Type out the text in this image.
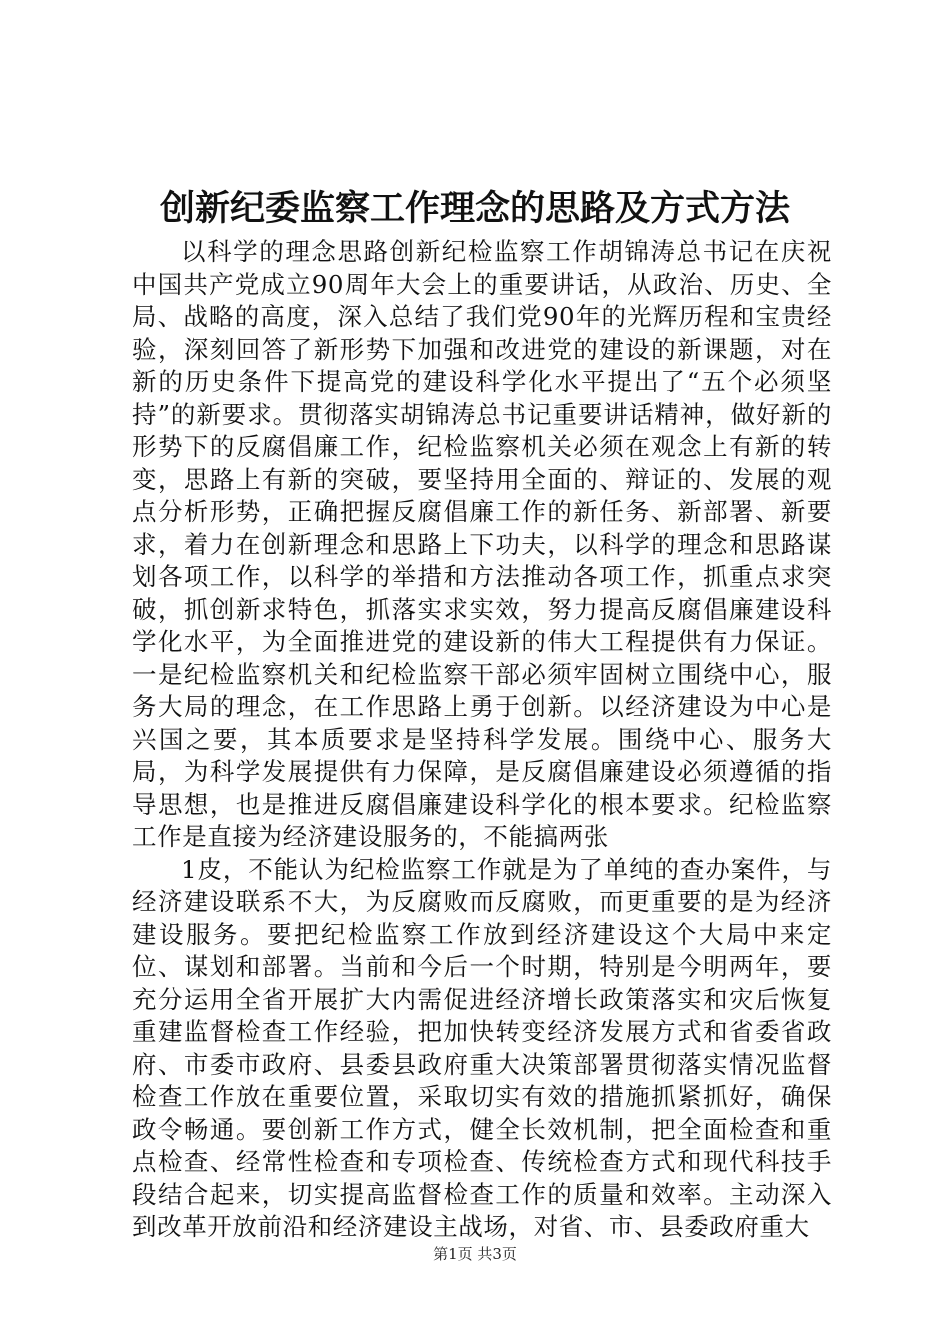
创新纪委监察工作理念的思路及方式方法

以科学的理念思路创新纪检监察工作胡锦涛总书记在庆祝中国共产党成立90周年大会上的重要讲话，从政治、历史、全局、战略的高度，深入总结了我们党90年的光辉历程和宝贵经验，深刻回答了新形势下加强和改进党的建设的新课题，对在新的历史条件下提高党的建设科学化水平提出了“五个必须坚持”的新要求。贯彻落实胡锦涛总书记重要讲话精神，做好新的形势下的反腐倡廉工作，纪检监察机关必须在观念上有新的转变，思路上有新的突破，要坚持用全面的、辩证的、发展的观点分析形势，正确把握反腐倡廉工作的新任务、新部署、新要求，着力在创新理念和思路上下功夫，以科学的理念和思路谋划各项工作，以科学的举措和方法推动各项工作，抓重点求突破，抓创新求特色，抓落实求实效，努力提高反腐倡廉建设科学化水平，为全面推进党的建设新的伟大工程提供有力保证。一是纪检监察机关和纪检监察干部必须牢固树立围绕中心，服务大局的理念，在工作思路上勇于创新。以经济建设为中心是兴国之要，其本质要求是坚持科学发展。围绕中心、服务大局，为科学发展提供有力保障，是反腐倡廉建设必须遵循的指导思想，也是推进反腐倡廉建设科学化的根本要求。纪检监察工作是直接为经济建设服务的，不能搞两张

1皮，不能认为纪检监察工作就是为了单纯的查办案件，与经济建设联系不大，为反腐败而反腐败，而更重要的是为经济建设服务。要把纪检监察工作放到经济建设这个大局中来定位、谋划和部署。当前和今后一个时期，特别是今明两年，要充分运用全省开展扩大内需促进经济增长政策落实和灾后恢复重建监督检查工作经验，把加快转变经济发展方式和省委省政府、市委市政府、县委县政府重大决策部署贯彻落实情况监督检查工作放在重要位置，采取切实有效的措施抓紧抓好，确保政令畅通。要创新工作方式，健全长效机制，把全面检查和重点检查、经常性检查和专项检查、传统检查方式和现代科技手段结合起来，切实提高监督检查工作的质量和效率。主动深入到改革开放前沿和经济建设主战场，对省、市、县委政府重大

第1页 共3页
